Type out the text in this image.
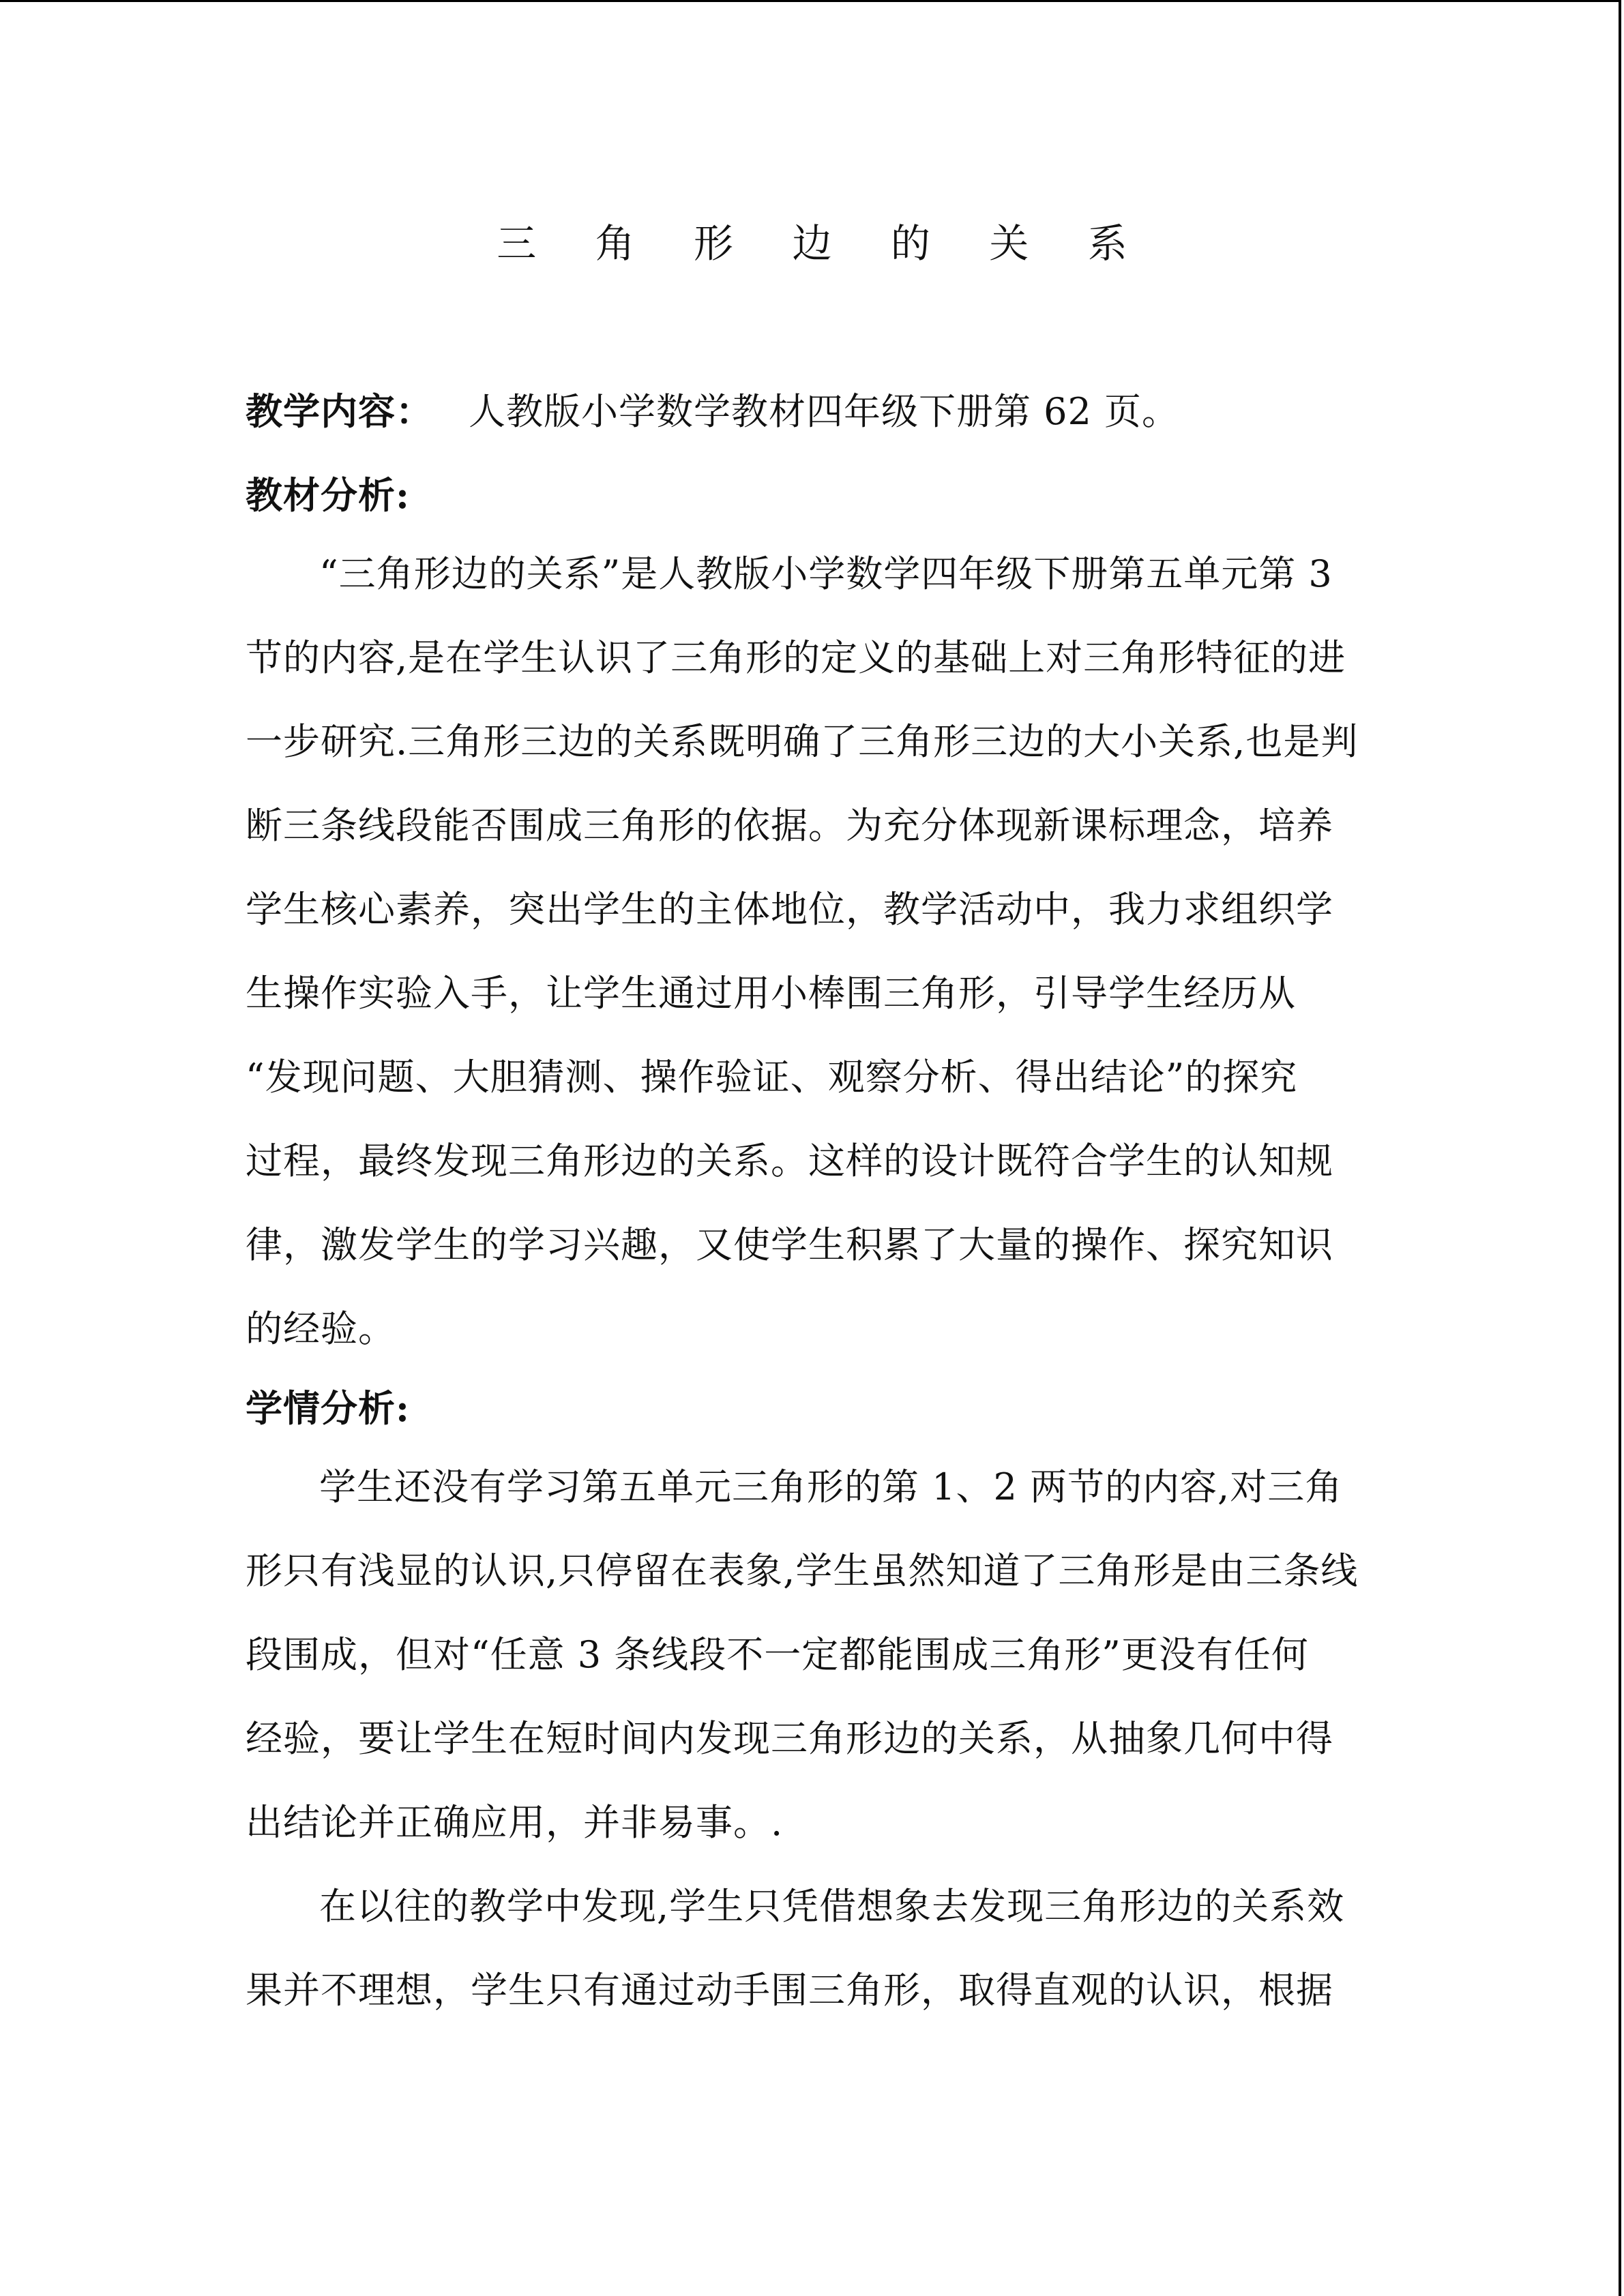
三 角 形 边 的 关 系
教学内容： 人教版小学数学教材四年级下册第 62 页。
教材分析:
“三角形边的关系”是人教版小学数学四年级下册第五单元第 3
节的内容,是在学生认识了三角形的定义的基础上对三角形特征的进
一步研究.三角形三边的关系既明确了三角形三边的大小关系,也是判
断三条线段能否围成三角形的依据。为充分体现新课标理念，培养
学生核心素养，突出学生的主体地位，教学活动中，我力求组织学
生操作实验入手，让学生通过用小棒围三角形，引导学生经历从
“发现问题、大胆猜测、操作验证、观察分析、得出结论”的探究
过程，最终发现三角形边的关系。这样的设计既符合学生的认知规
律，激发学生的学习兴趣，又使学生积累了大量的操作、探究知识
的经验。
学情分析:
学生还没有学习第五单元三角形的第 1、2 两节的内容,对三角
形只有浅显的认识,只停留在表象,学生虽然知道了三角形是由三条线
段围成，但对“任意 3 条线段不一定都能围成三角形”更没有任何
经验，要让学生在短时间内发现三角形边的关系，从抽象几何中得
出结论并正确应用，并非易事。.
在以往的教学中发现,学生只凭借想象去发现三角形边的关系效
果并不理想，学生只有通过动手围三角形，取得直观的认识，根据
